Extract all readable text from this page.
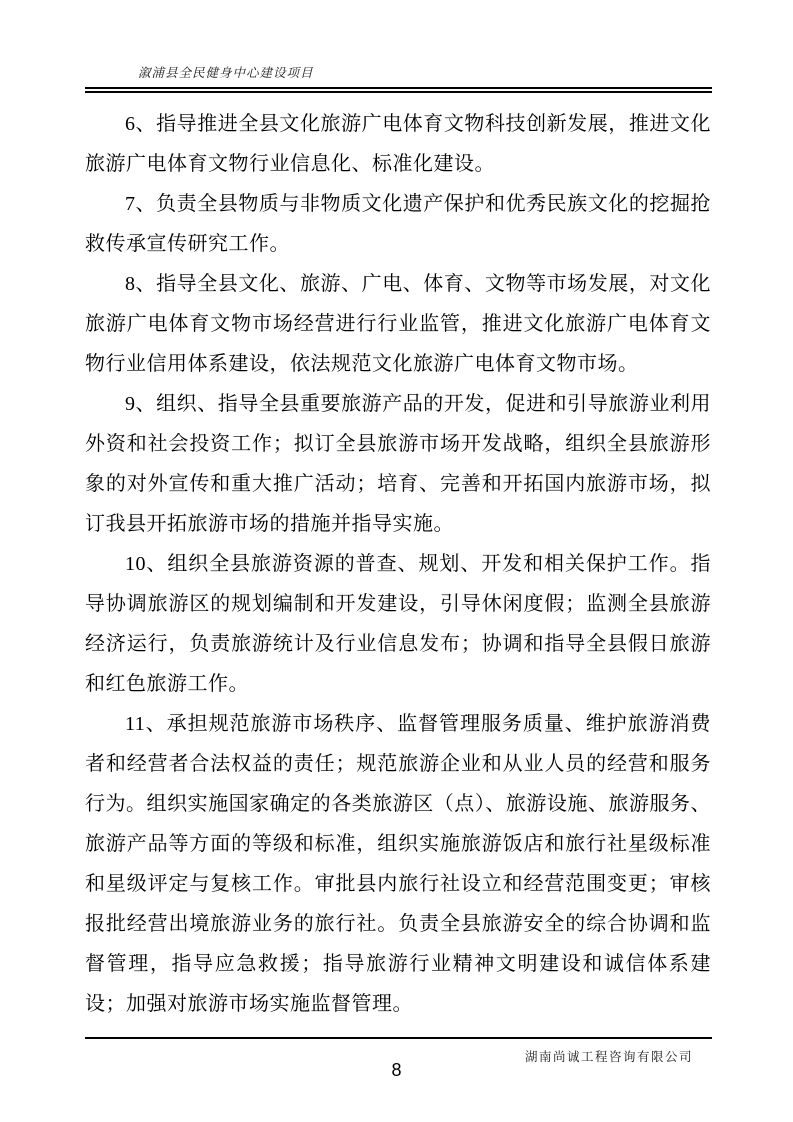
溆浦县全民健身中心建设项目

6、指导推进全县文化旅游广电体育文物科技创新发展，推进文化旅游广电体育文物行业信息化、标准化建设。

7、负责全县物质与非物质文化遗产保护和优秀民族文化的挖掘抢救传承宣传研究工作。

8、指导全县文化、旅游、广电、体育、文物等市场发展，对文化旅游广电体育文物市场经营进行行业监管，推进文化旅游广电体育文物行业信用体系建设，依法规范文化旅游广电体育文物市场。

9、组织、指导全县重要旅游产品的开发，促进和引导旅游业利用外资和社会投资工作；拟订全县旅游市场开发战略，组织全县旅游形象的对外宣传和重大推广活动；培育、完善和开拓国内旅游市场，拟订我县开拓旅游市场的措施并指导实施。

10、组织全县旅游资源的普查、规划、开发和相关保护工作。指导协调旅游区的规划编制和开发建设，引导休闲度假；监测全县旅游经济运行，负责旅游统计及行业信息发布；协调和指导全县假日旅游和红色旅游工作。

11、承担规范旅游市场秩序、监督管理服务质量、维护旅游消费者和经营者合法权益的责任；规范旅游企业和从业人员的经营和服务行为。组织实施国家确定的各类旅游区（点）、旅游设施、旅游服务、旅游产品等方面的等级和标准，组织实施旅游饭店和旅行社星级标准和星级评定与复核工作。审批县内旅行社设立和经营范围变更；审核报批经营出境旅游业务的旅行社。负责全县旅游安全的综合协调和监督管理，指导应急救援；指导旅游行业精神文明建设和诚信体系建设；加强对旅游市场实施监督管理。

湖南尚诚工程咨询有限公司
8
